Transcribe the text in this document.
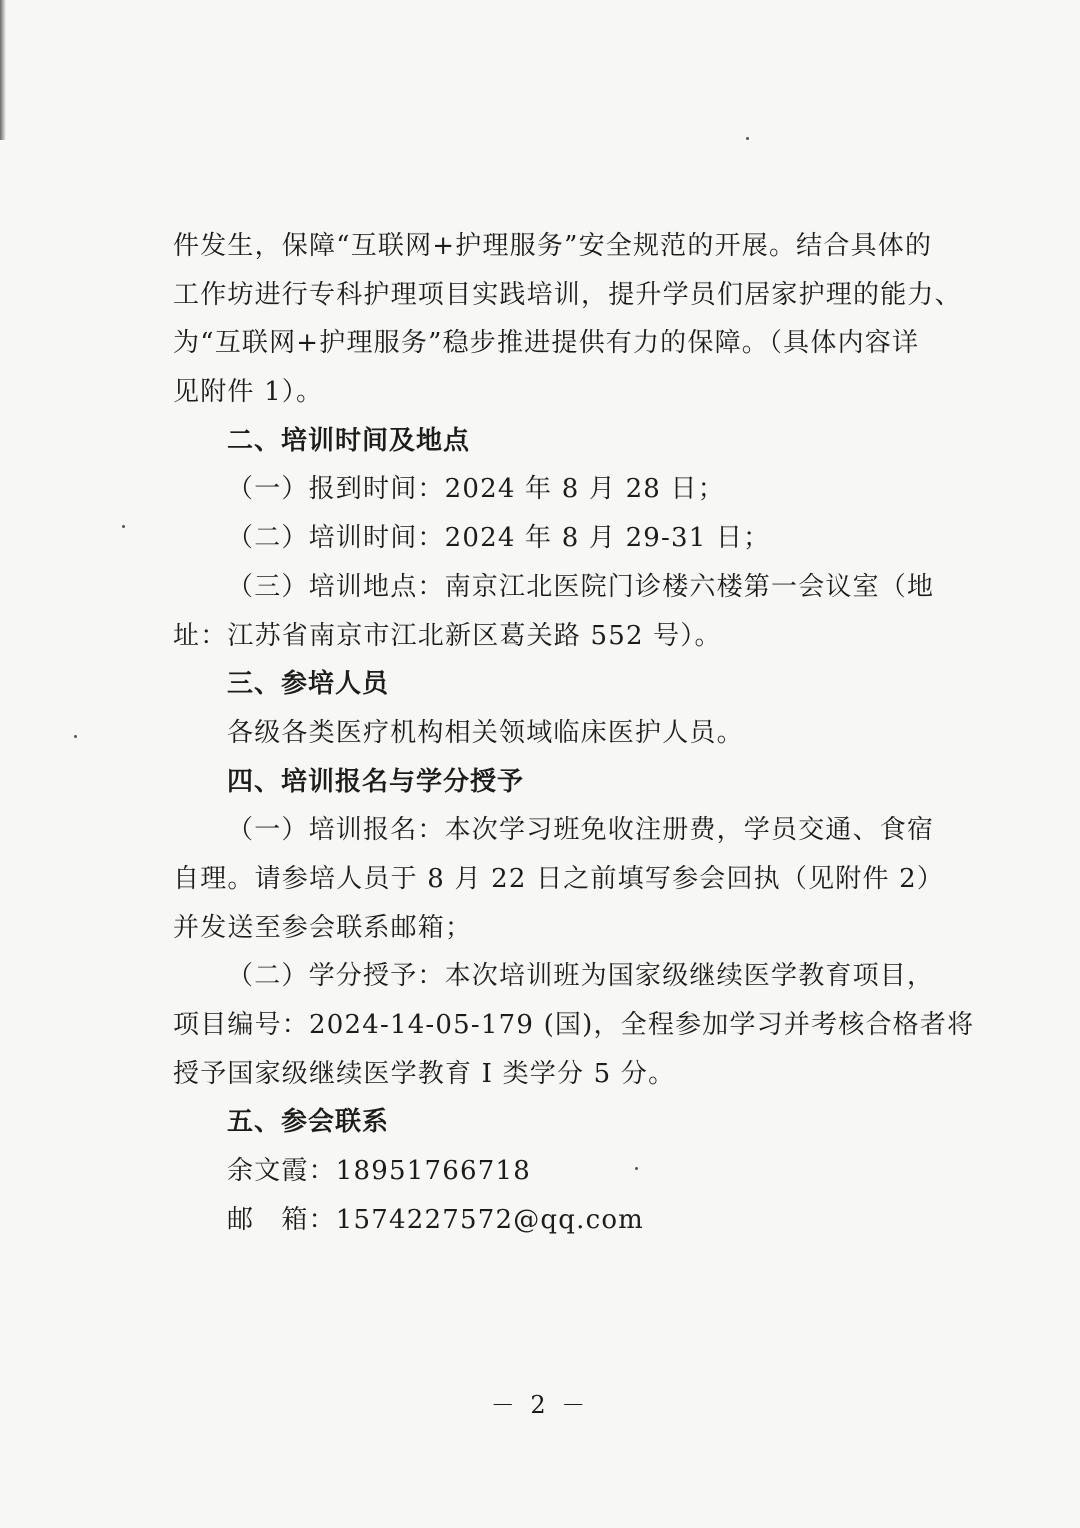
件发生，保障“互联网+护理服务”安全规范的开展。结合具体的
工作坊进行专科护理项目实践培训，提升学员们居家护理的能力、
为“互联网+护理服务”稳步推进提供有力的保障。（具体内容详
见附件 1）。
二、培训时间及地点
（一）报到时间：2024 年 8 月 28 日；
（二）培训时间：2024 年 8 月 29-31 日；
（三）培训地点：南京江北医院门诊楼六楼第一会议室（地
址：江苏省南京市江北新区葛关路 552 号）。
三、参培人员
各级各类医疗机构相关领域临床医护人员。
四、培训报名与学分授予
（一）培训报名：本次学习班免收注册费，学员交通、食宿
自理。请参培人员于 8 月 22 日之前填写参会回执（见附件 2）
并发送至参会联系邮箱；
（二）学分授予：本次培训班为国家级继续医学教育项目，
项目编号：2024-14-05-179 (国)，全程参加学习并考核合格者将
授予国家级继续医学教育 I 类学分 5 分。
五、参会联系
余文霞：18951766718
邮　箱：1574227572@qq.com
－ 2 －
